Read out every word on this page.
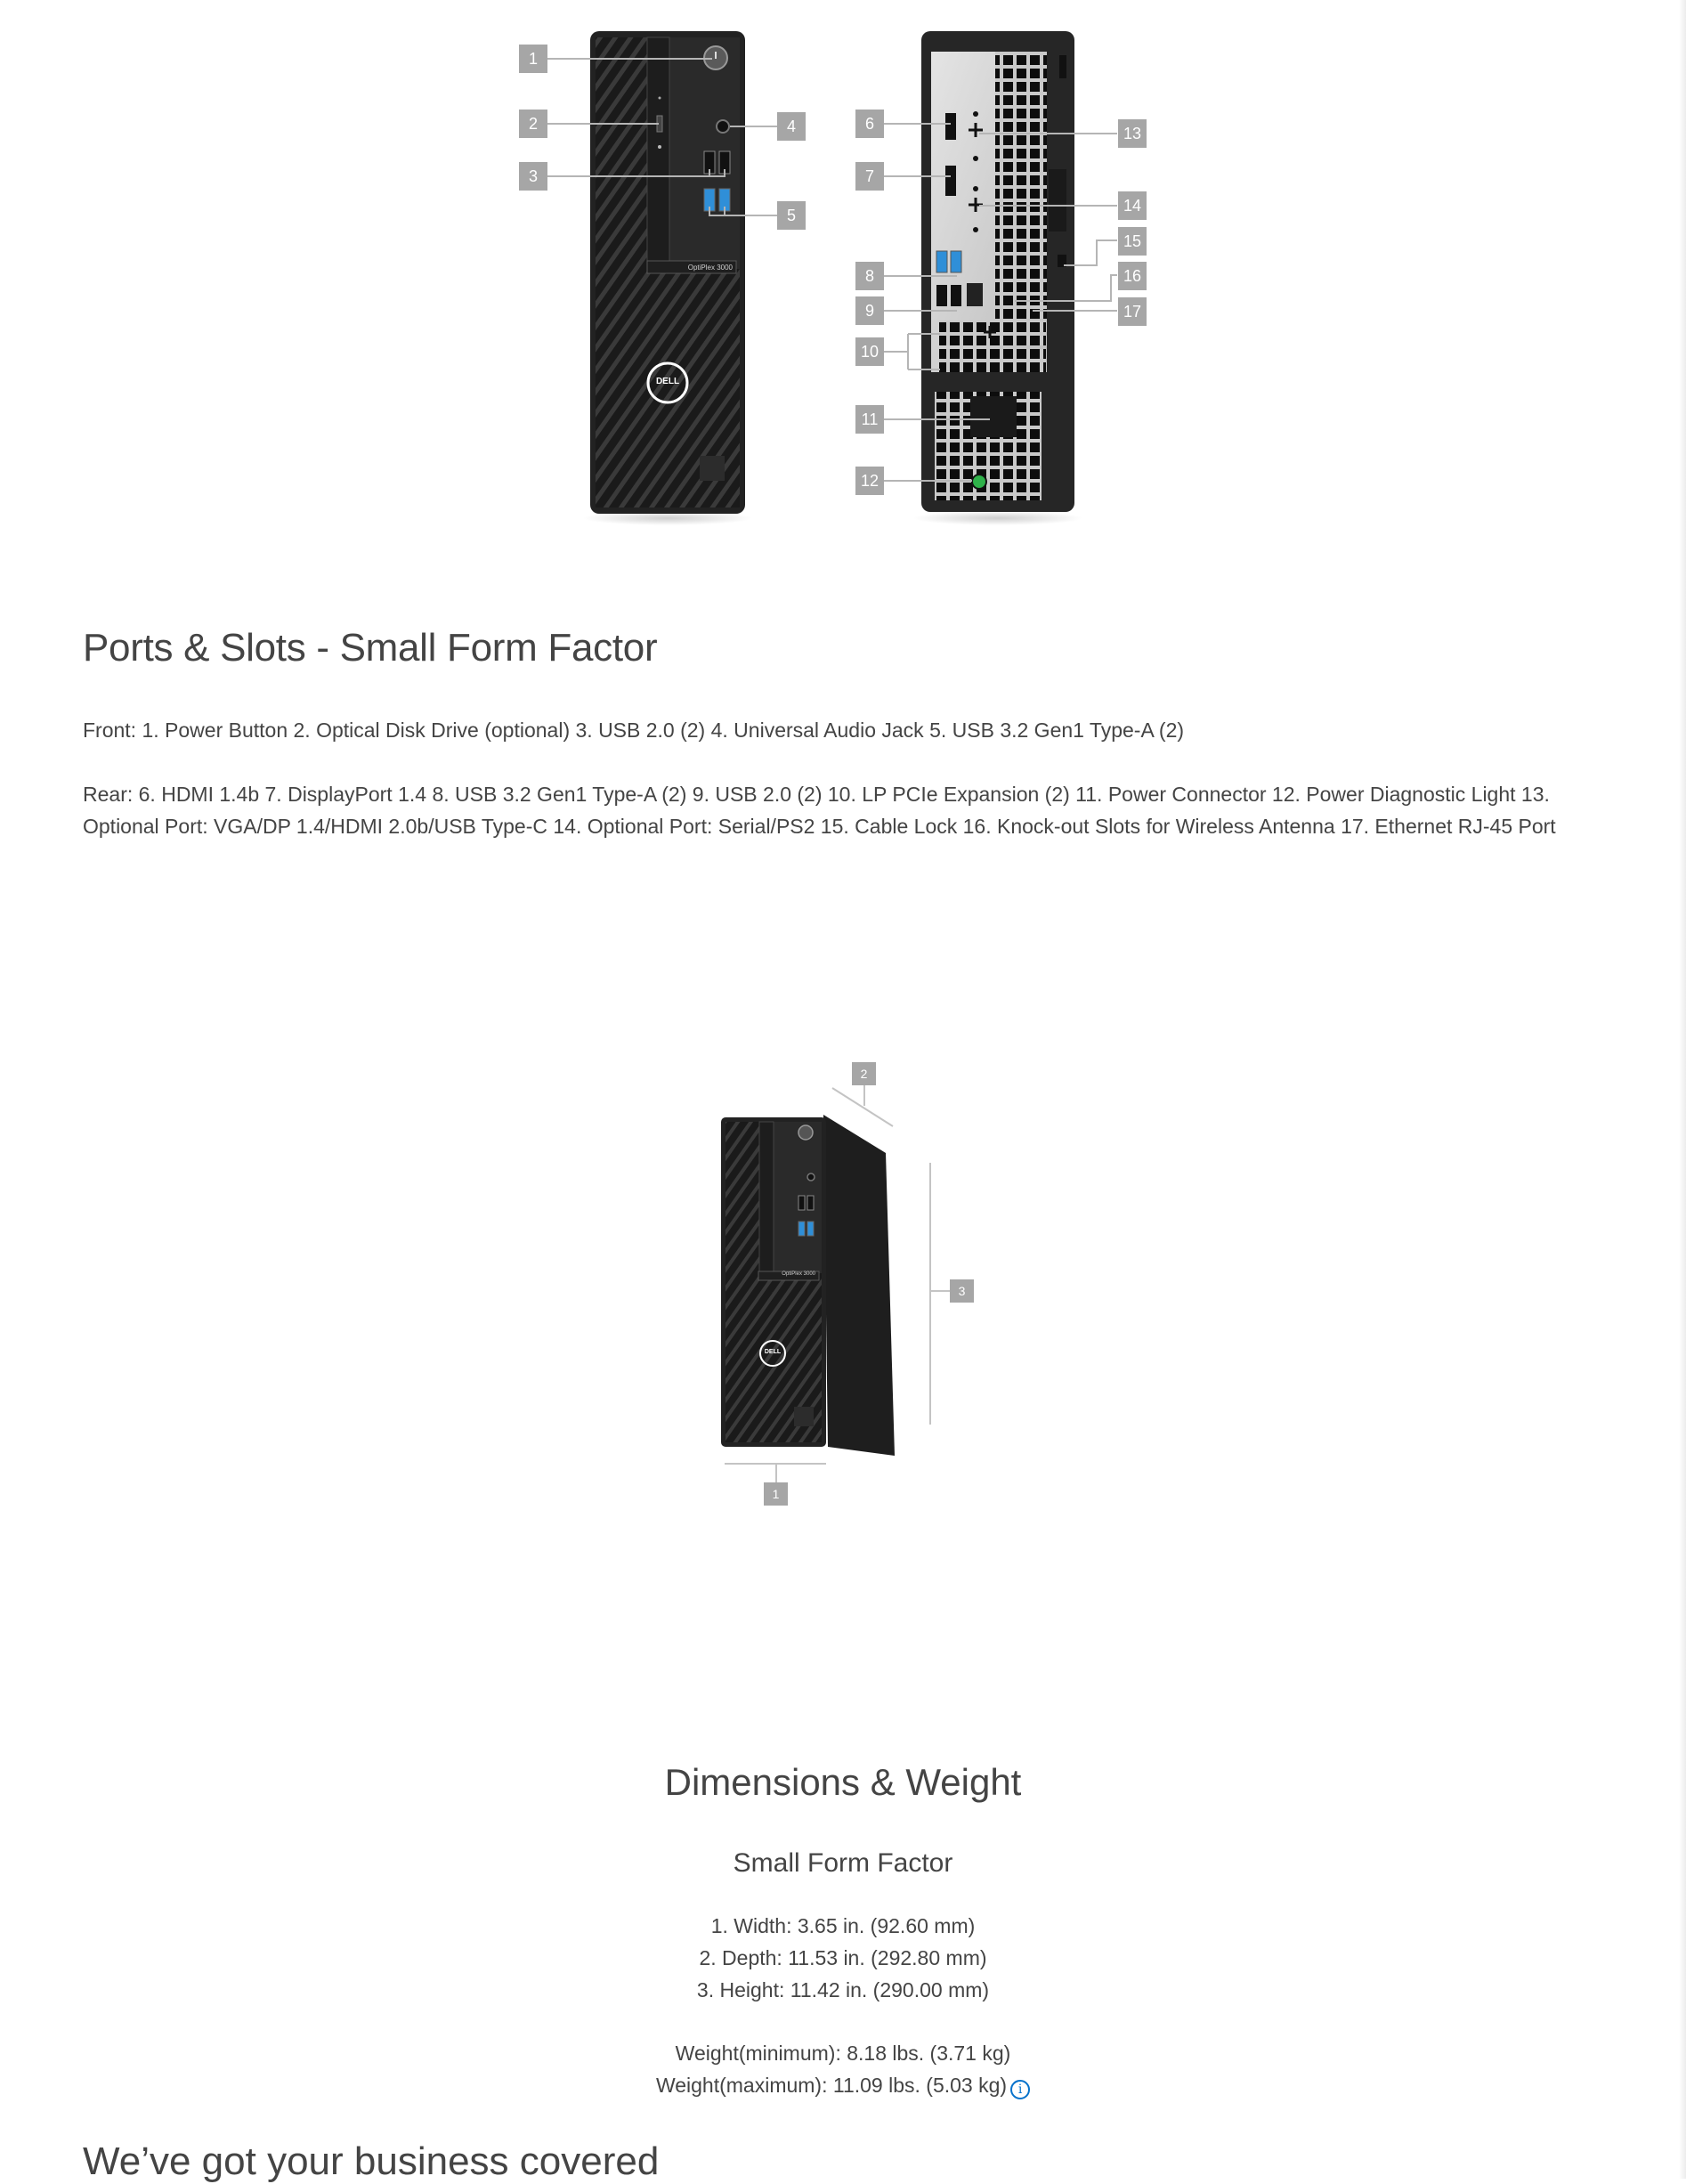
OptiPlex 3000
DELL
1
2
3
4
5
6
7
8
9
10
11
12
13
14
15
16
17
Ports & Slots - Small Form Factor

Front: 1. Power Button 2. Optical Disk Drive (optional) 3. USB 2.0 (2) 4. Universal Audio Jack 5. USB 3.2 Gen1 Type-A (2)

Rear: 6. HDMI 1.4b 7. DisplayPort 1.4 8. USB 3.2 Gen1 Type-A (2) 9. USB 2.0 (2) 10. LP PCIe Expansion (2) 11. Power Connector 12. Power Diagnostic Light 13. Optional Port: VGA/DP 1.4/HDMI 2.0b/USB Type-C 14. Optional Port: Serial/PS2 15. Cable Lock 16. Knock-out Slots for Wireless Antenna 17. Ethernet RJ-45 Port

OptiPlex 3000
DELL
2
3
1
Dimensions & Weight
Small Form Factor
1. Width: 3.65 in. (92.60 mm)
2. Depth: 11.53 in. (292.80 mm)
3. Height: 11.42 in. (290.00 mm)
Weight(minimum): 8.18 lbs. (3.71 kg)
Weight(maximum): 11.09 lbs. (5.03 kg) i
We’ve got your business covered
